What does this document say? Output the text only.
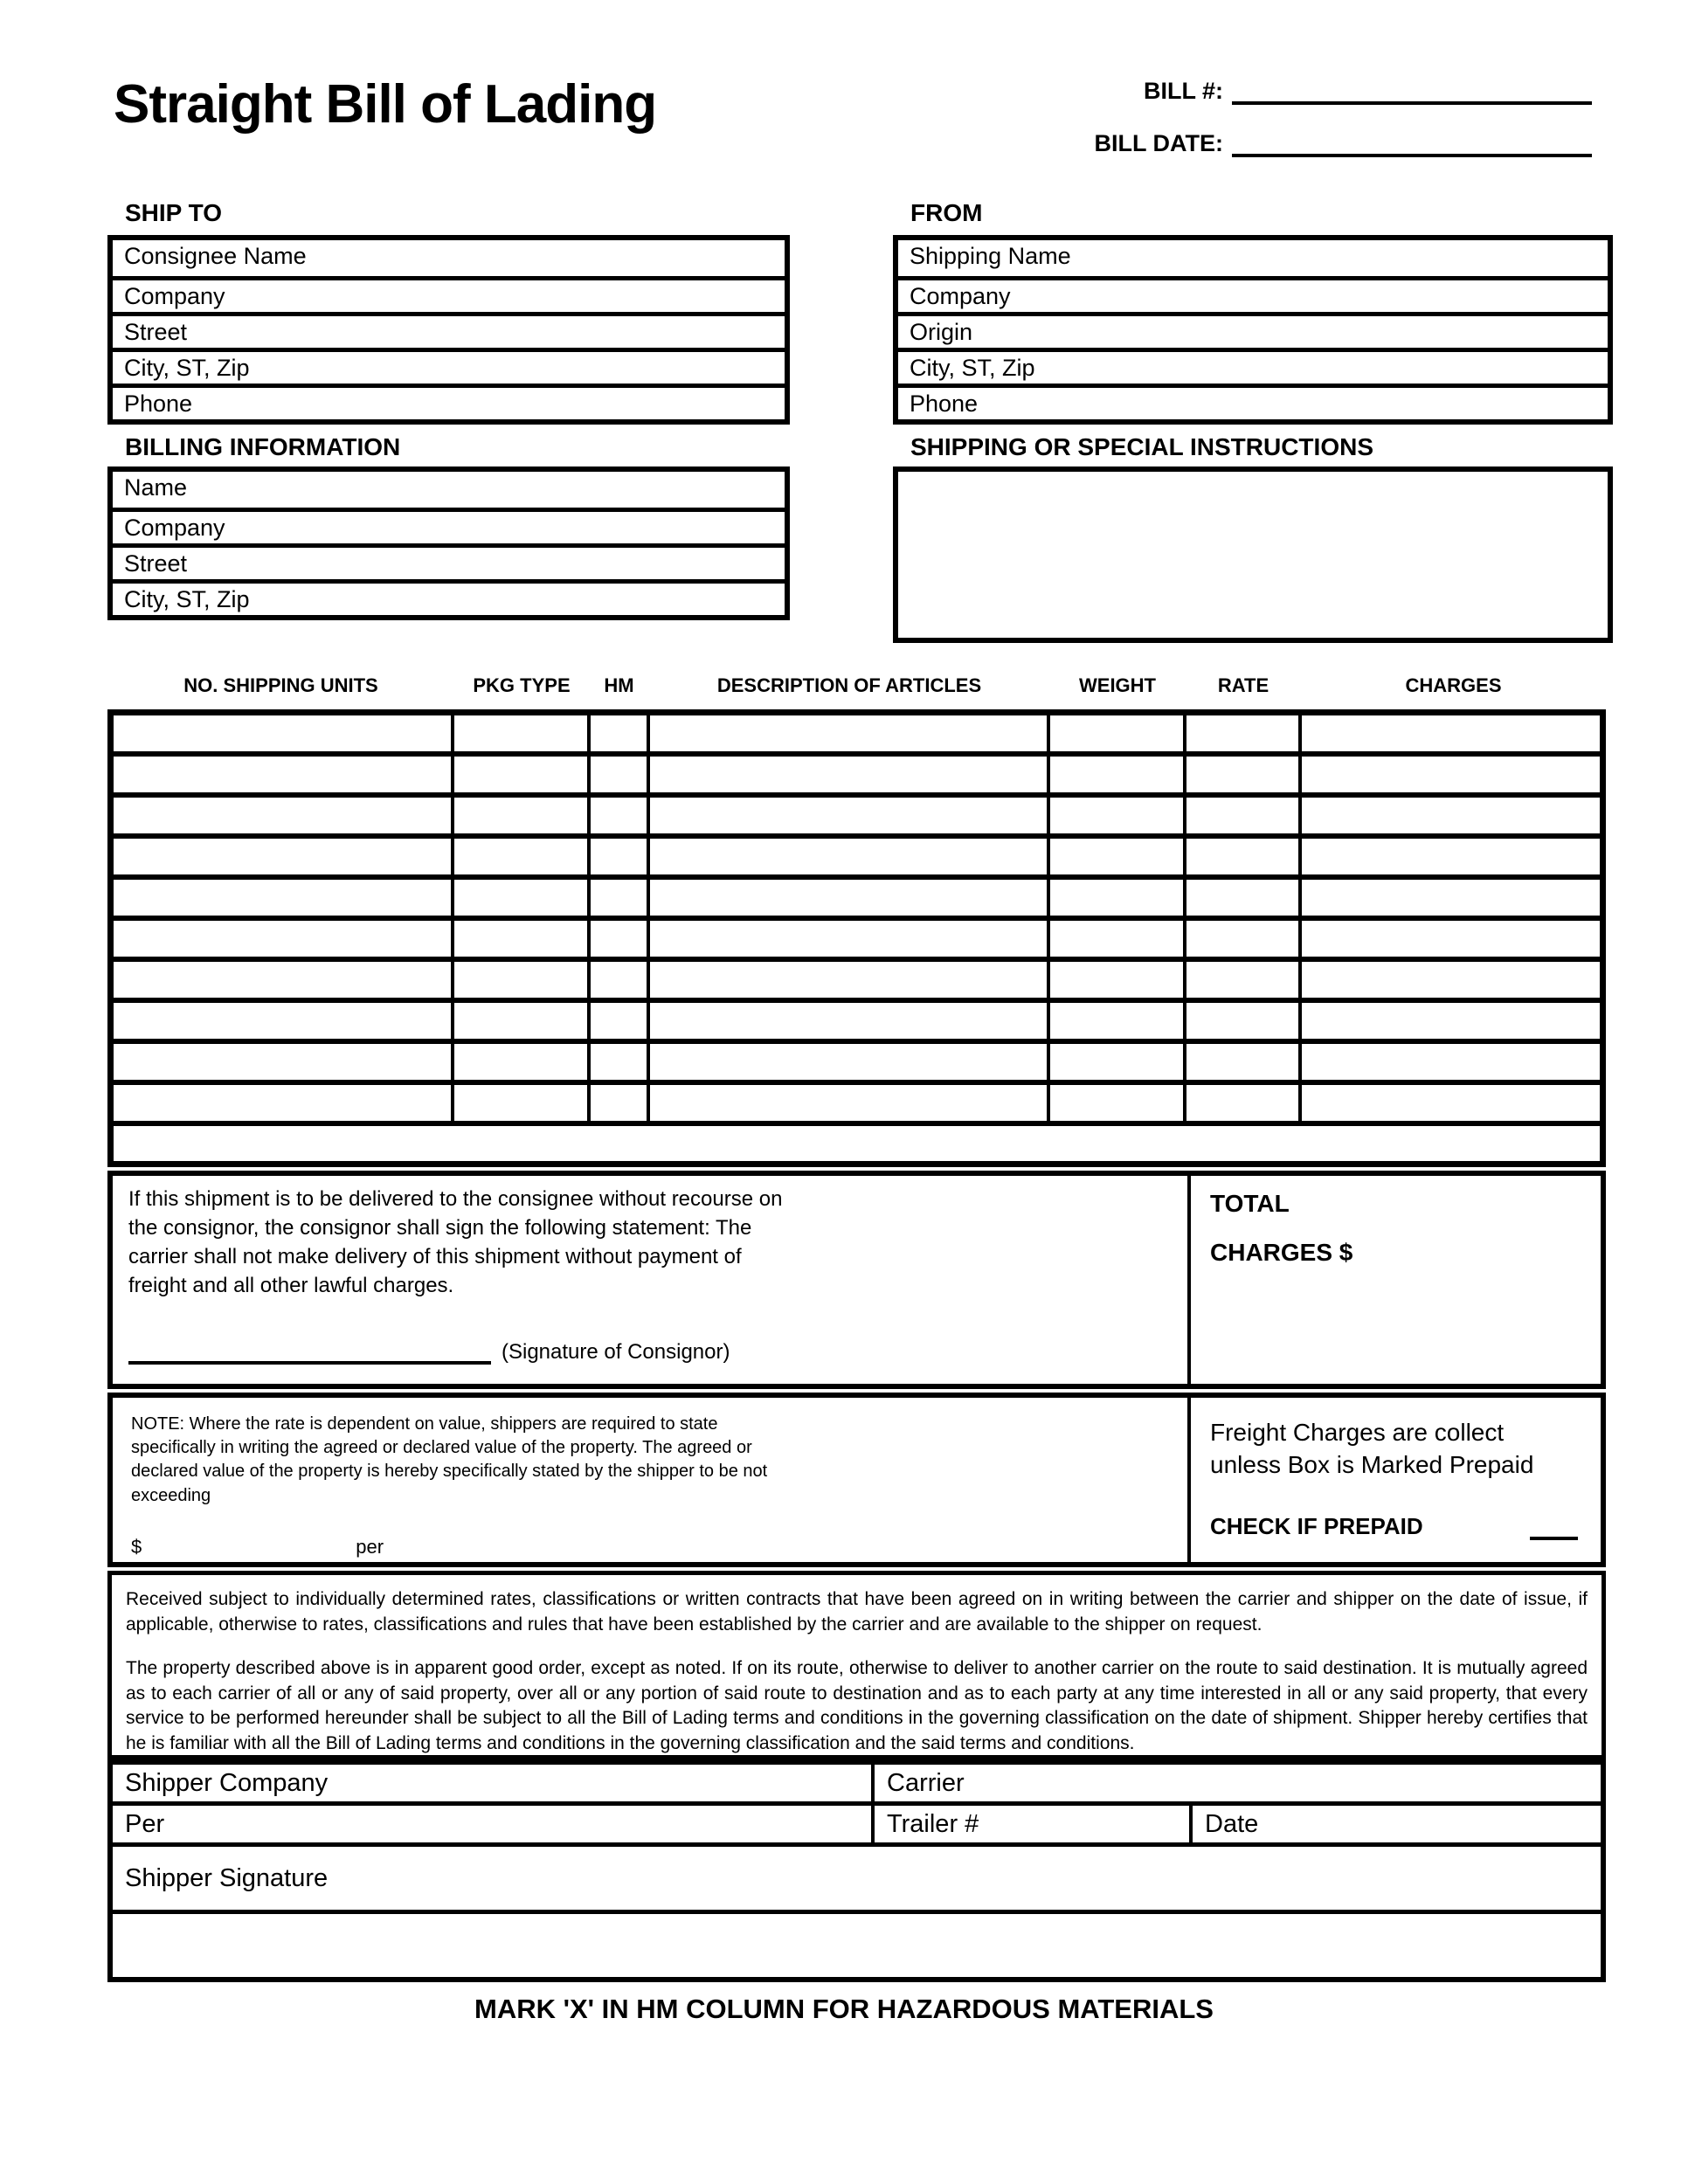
Straight Bill of Lading	BILL #:
BILL DATE:
SHIP TO
Consignee Name
Company
Street
City, ST, Zip
Phone
BILLING INFORMATION
Name
Company
Street
City, ST, Zip
FROM
Shipping Name
Company
Origin
City, ST, Zip
Phone
SHIPPING OR SPECIAL INSTRUCTIONS
NO. SHIPPING UNITS	PKG TYPE	HM	DESCRIPTION OF ARTICLES	WEIGHT	RATE	CHARGES

If this shipment is to be delivered to the consignee without recourse on the consignor, the consignor shall sign the following statement: The carrier shall not make delivery of this shipment without payment of freight and all other lawful charges.

(Signature of Consignor)
TOTAL
CHARGES $

NOTE: Where the rate is dependent on value, shippers are required to state specifically in writing the agreed or declared value of the property. The agreed or declared value of the property is hereby specifically stated by the shipper to be not exceeding

$	per
Freight Charges are collect unless Box is Marked Prepaid
CHECK IF PREPAID

Received subject to individually determined rates, classifications or written contracts that have been agreed on in writing between the carrier and shipper on the date of issue, if applicable, otherwise to rates, classifications and rules that have been established by the carrier and are available to the shipper on request.

The property described above is in apparent good order, except as noted. If on its route, otherwise to deliver to another carrier on the route to said destination. It is mutually agreed as to each carrier of all or any of said property, over all or any portion of said route to destination and as to each party at any time interested in all or any said property, that every service to be performed hereunder shall be subject to all the Bill of Lading terms and conditions in the governing classification on the date of shipment. Shipper hereby certifies that he is familiar with all the Bill of Lading terms and conditions in the governing classification and the said terms and conditions.

Shipper Company	Carrier
Per	Trailer #	Date
Shipper Signature
MARK 'X' IN HM COLUMN FOR HAZARDOUS MATERIALS
